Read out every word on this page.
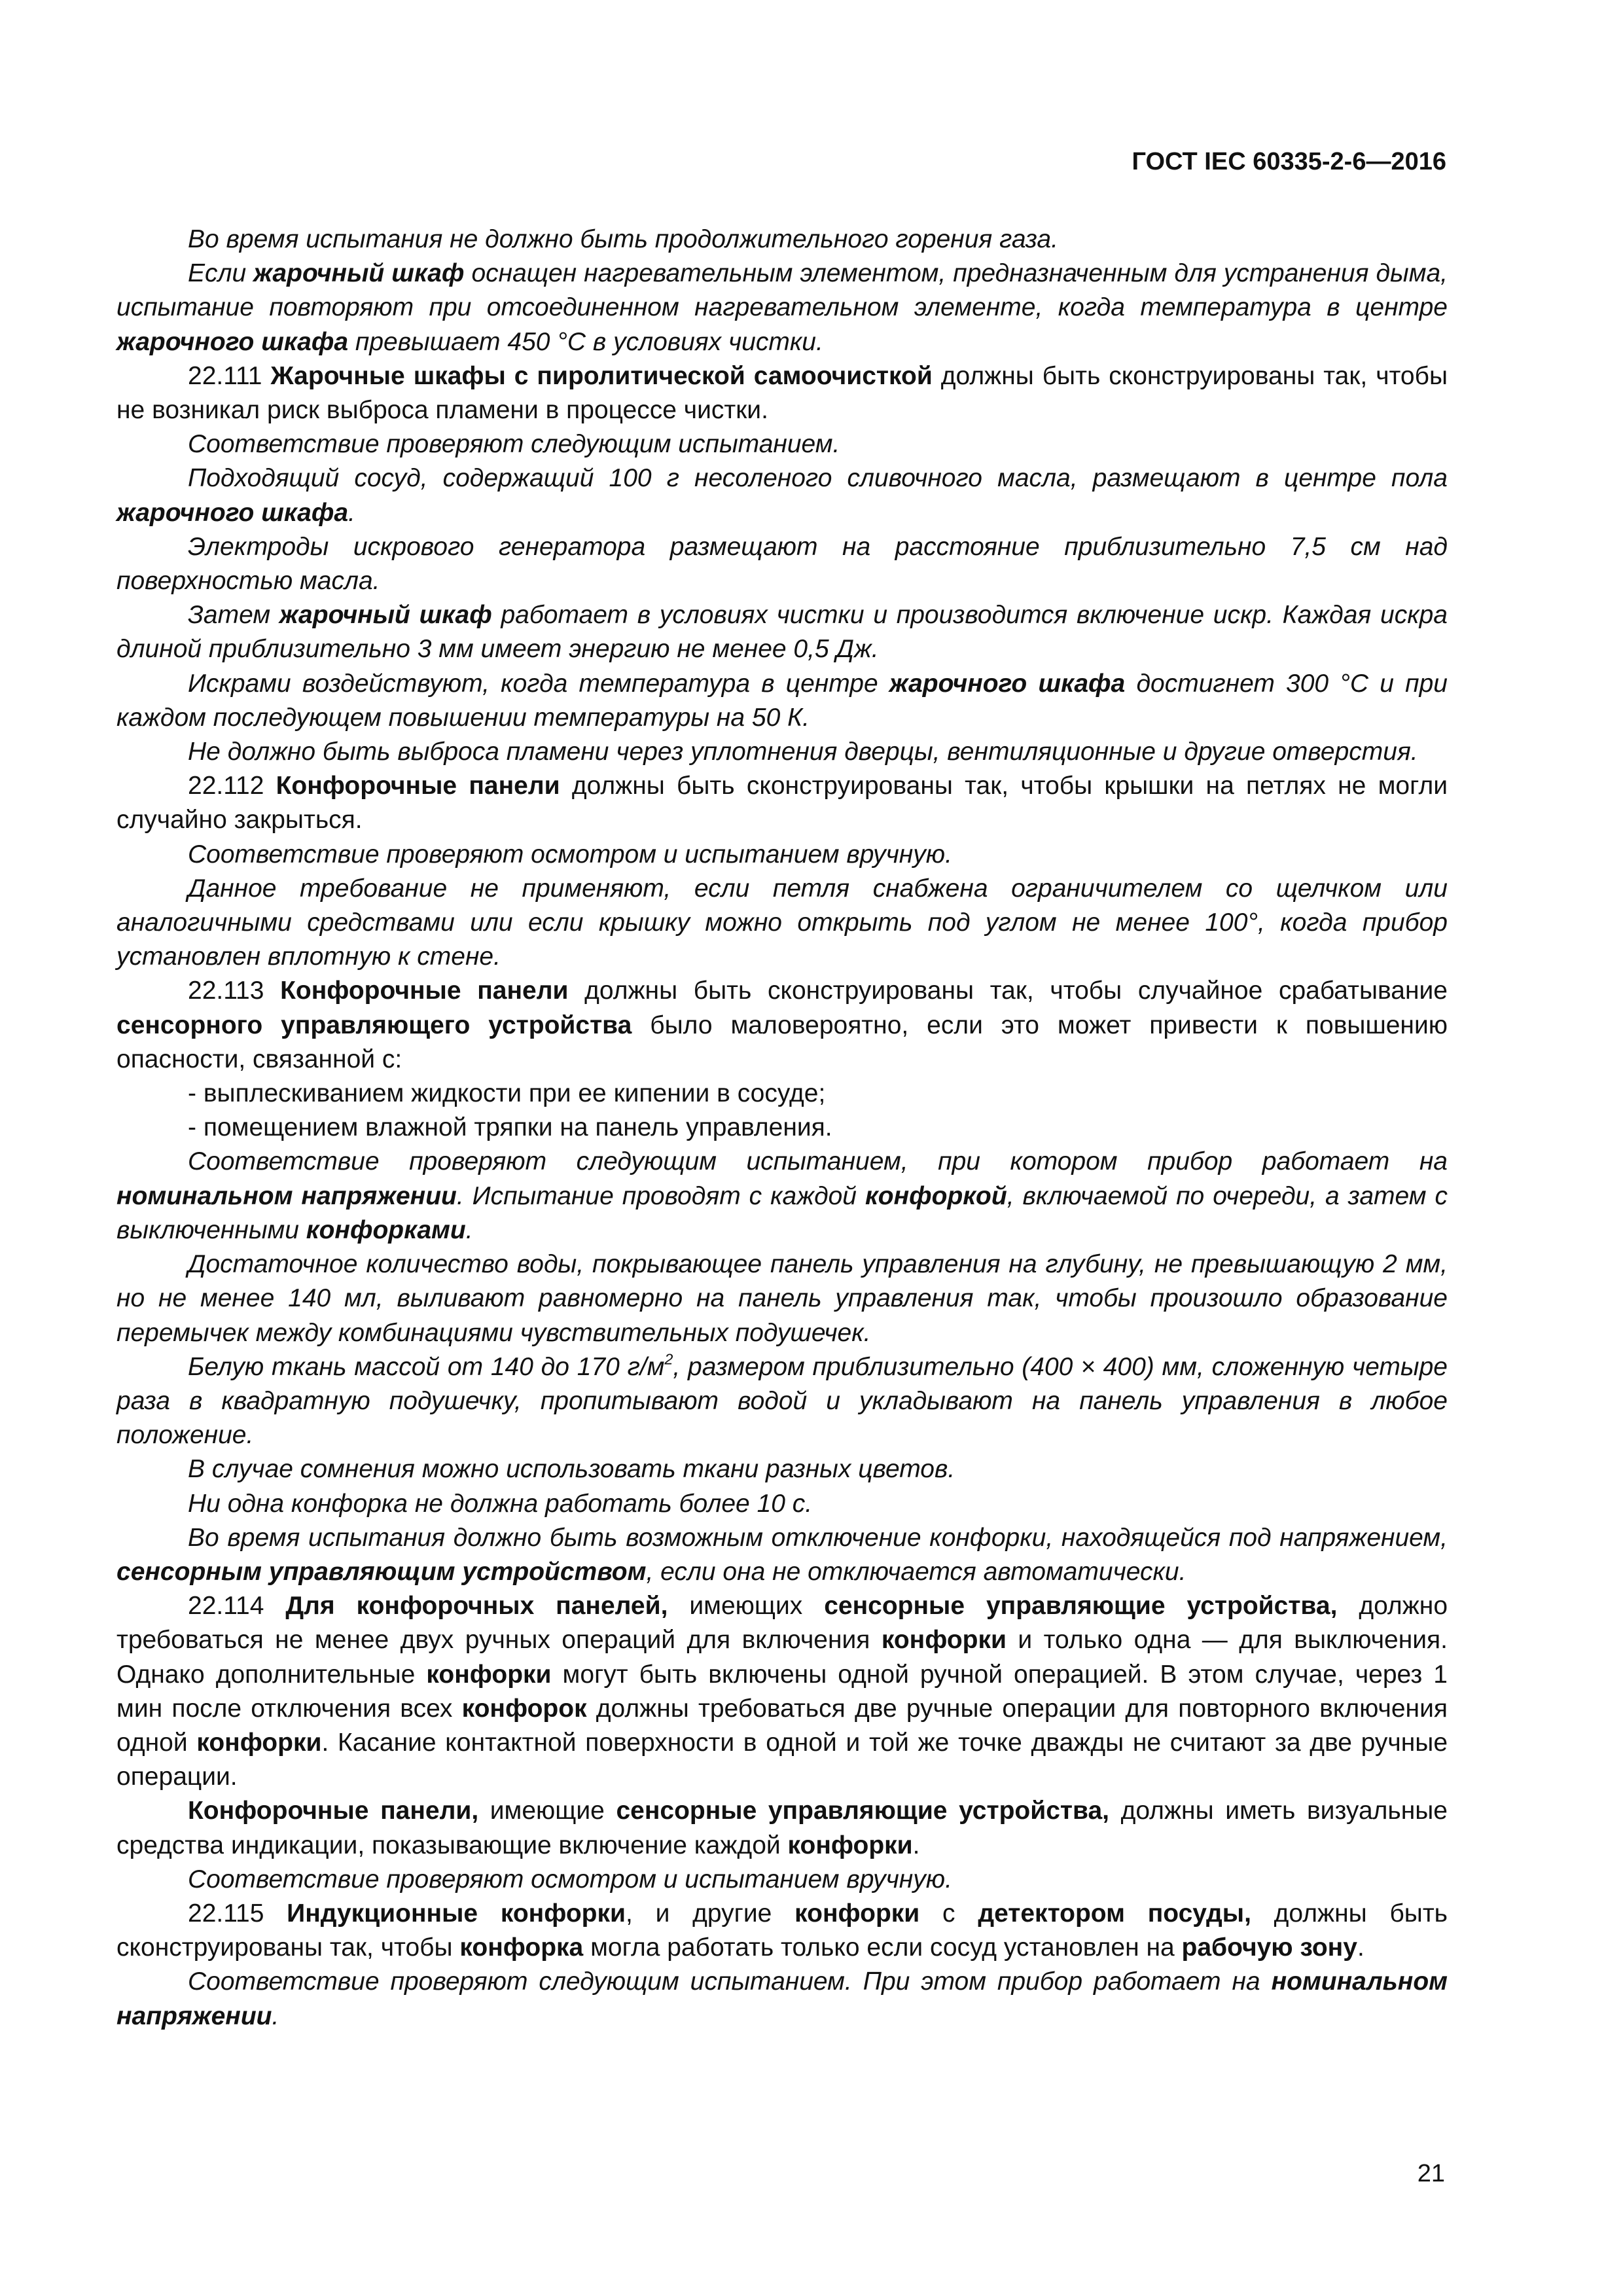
ГОСТ IEC 60335-2-6—2016

Во время испытания не должно быть продолжительного горения газа.

Если жарочный шкаф оснащен нагревательным элементом, предназначенным для устранения дыма, испытание повторяют при отсоединенном нагревательном элементе, когда температура в центре жарочного шкафа превышает 450 °С в условиях чистки.

22.111 Жарочные шкафы с пиролитической самоочисткой должны быть сконструированы так, чтобы не возникал риск выброса пламени в процессе чистки.

Соответствие проверяют следующим испытанием.

Подходящий сосуд, содержащий 100 г несоленого сливочного масла, размещают в центре пола жарочного шкафа.

Электроды искрового генератора размещают на расстояние приблизительно 7,5 см над поверхностью масла.

Затем жарочный шкаф работает в условиях чистки и производится включение искр. Каждая искра длиной приблизительно 3 мм имеет энергию не менее 0,5 Дж.

Искрами воздействуют, когда температура в центре жарочного шкафа достигнет 300 °С и при каждом последующем повышении температуры на 50 К.

Не должно быть выброса пламени через уплотнения дверцы, вентиляционные и другие отверстия.

22.112 Конфорочные панели должны быть сконструированы так, чтобы крышки на петлях не могли случайно закрыться.

Соответствие проверяют осмотром и испытанием вручную.

Данное требование не применяют, если петля снабжена ограничителем со щелчком или аналогичными средствами или если крышку можно открыть под углом не менее 100°, когда прибор установлен вплотную к стене.

22.113 Конфорочные панели должны быть сконструированы так, чтобы случайное срабатывание сенсорного управляющего устройства было маловероятно, если это может привести к повышению опасности, связанной с:

- выплескиванием жидкости при ее кипении в сосуде;

- помещением влажной тряпки на панель управления.

Соответствие проверяют следующим испытанием, при котором прибор работает на номинальном напряжении. Испытание проводят с каждой конфоркой, включаемой по очереди, а затем с выключенными конфорками.

Достаточное количество воды, покрывающее панель управления на глубину, не превышающую 2 мм, но не менее 140 мл, выливают равномерно на панель управления так, чтобы произошло образование перемычек между комбинациями чувствительных подушечек.

Белую ткань массой от 140 до 170 $г/м^2$, размером приблизительно (400 × 400) мм, сложенную четыре раза в квадратную подушечку, пропитывают водой и укладывают на панель управления в любое положение.

В случае сомнения можно использовать ткани разных цветов.

Ни одна конфорка не должна работать более 10 с.

Во время испытания должно быть возможным отключение конфорки, находящейся под напряжением, сенсорным управляющим устройством, если она не отключается автоматически.

22.114 Для конфорочных панелей, имеющих сенсорные управляющие устройства, должно требоваться не менее двух ручных операций для включения конфорки и только одна — для выключения. Однако дополнительные конфорки могут быть включены одной ручной операцией. В этом случае, через 1 мин после отключения всех конфорок должны требоваться две ручные операции для повторного включения одной конфорки. Касание контактной поверхности в одной и той же точке дважды не считают за две ручные операции.

Конфорочные панели, имеющие сенсорные управляющие устройства, должны иметь визуальные средства индикации, показывающие включение каждой конфорки.

Соответствие проверяют осмотром и испытанием вручную.

22.115 Индукционные конфорки, и другие конфорки с детектором посуды, должны быть сконструированы так, чтобы конфорка могла работать только если сосуд установлен на рабочую зону.

Соответствие проверяют следующим испытанием. При этом прибор работает на номинальном напряжении.

21
